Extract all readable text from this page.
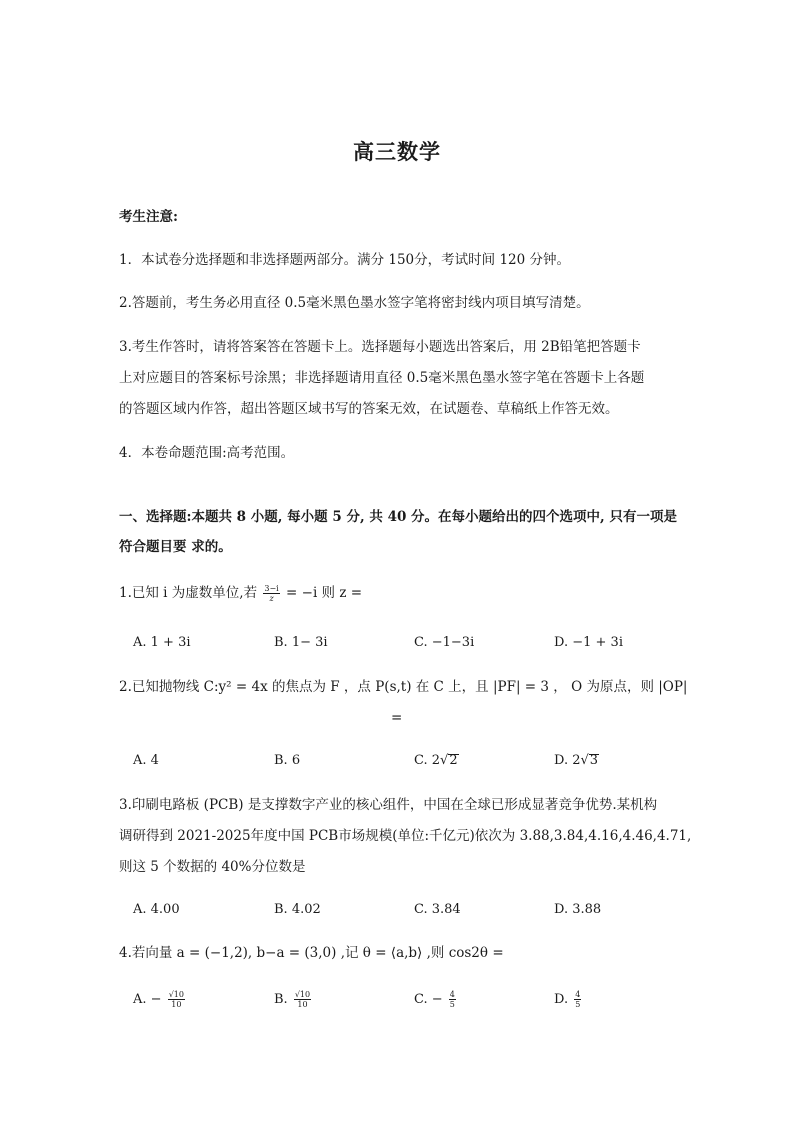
高三数学
考生注意:
1．本试卷分选择题和非选择题两部分。满分 150分，考试时间 120 分钟。
2.答题前，考生务必用直径 0.5毫米黑色墨水签字笔将密封线内项目填写清楚。
3.考生作答时，请将答案答在答题卡上。选择题每小题选出答案后，用 2B铅笔把答题卡
上对应题目的答案标号涂黑；非选择题请用直径 0.5毫米黑色墨水签字笔在答题卡上各题
的答题区域内作答，超出答题区域书写的答案无效，在试题卷、草稿纸上作答无效。
4．本卷命题范围:高考范围。
一、选择题:本题共 8 小题, 每小题 5 分, 共 40 分。在每小题给出的四个选项中, 只有一项是
符合题目要 求的。
1.已知 i 为虚数单位,若 $\frac{3-i}{z} = -i$ 则 z =
A. 1 + 3i	B. 1− 3i	C. −1−3i	D. −1 + 3i
2.已知抛物线 C:y² = 4x 的焦点为 F ，点 P(s,t) 在 C 上，且 |PF| = 3 ， O 为原点，则 |OP|
=
A. 4	B. 6	C. 2√2	D. 2√3
3.印刷电路板 (PCB) 是支撑数字产业的核心组件，中国在全球已形成显著竞争优势.某机构
调研得到 2021-2025年度中国 PCB市场规模(单位:千亿元)依次为 3.88,3.84,4.16,4.46,4.71,
则这 5 个数据的 40%分位数是
A. 4.00	B. 4.02	C. 3.84	D. 3.88
4.若向量 a = (−1,2), b−a = (3,0) ,记 θ = ⟨a,b⟩ ,则 cos2θ =
A. − $\frac{√10}{10}$	B. $\frac{√10}{10}$	C. − $\frac{4}{5}$	D. $\frac{4}{5}$
